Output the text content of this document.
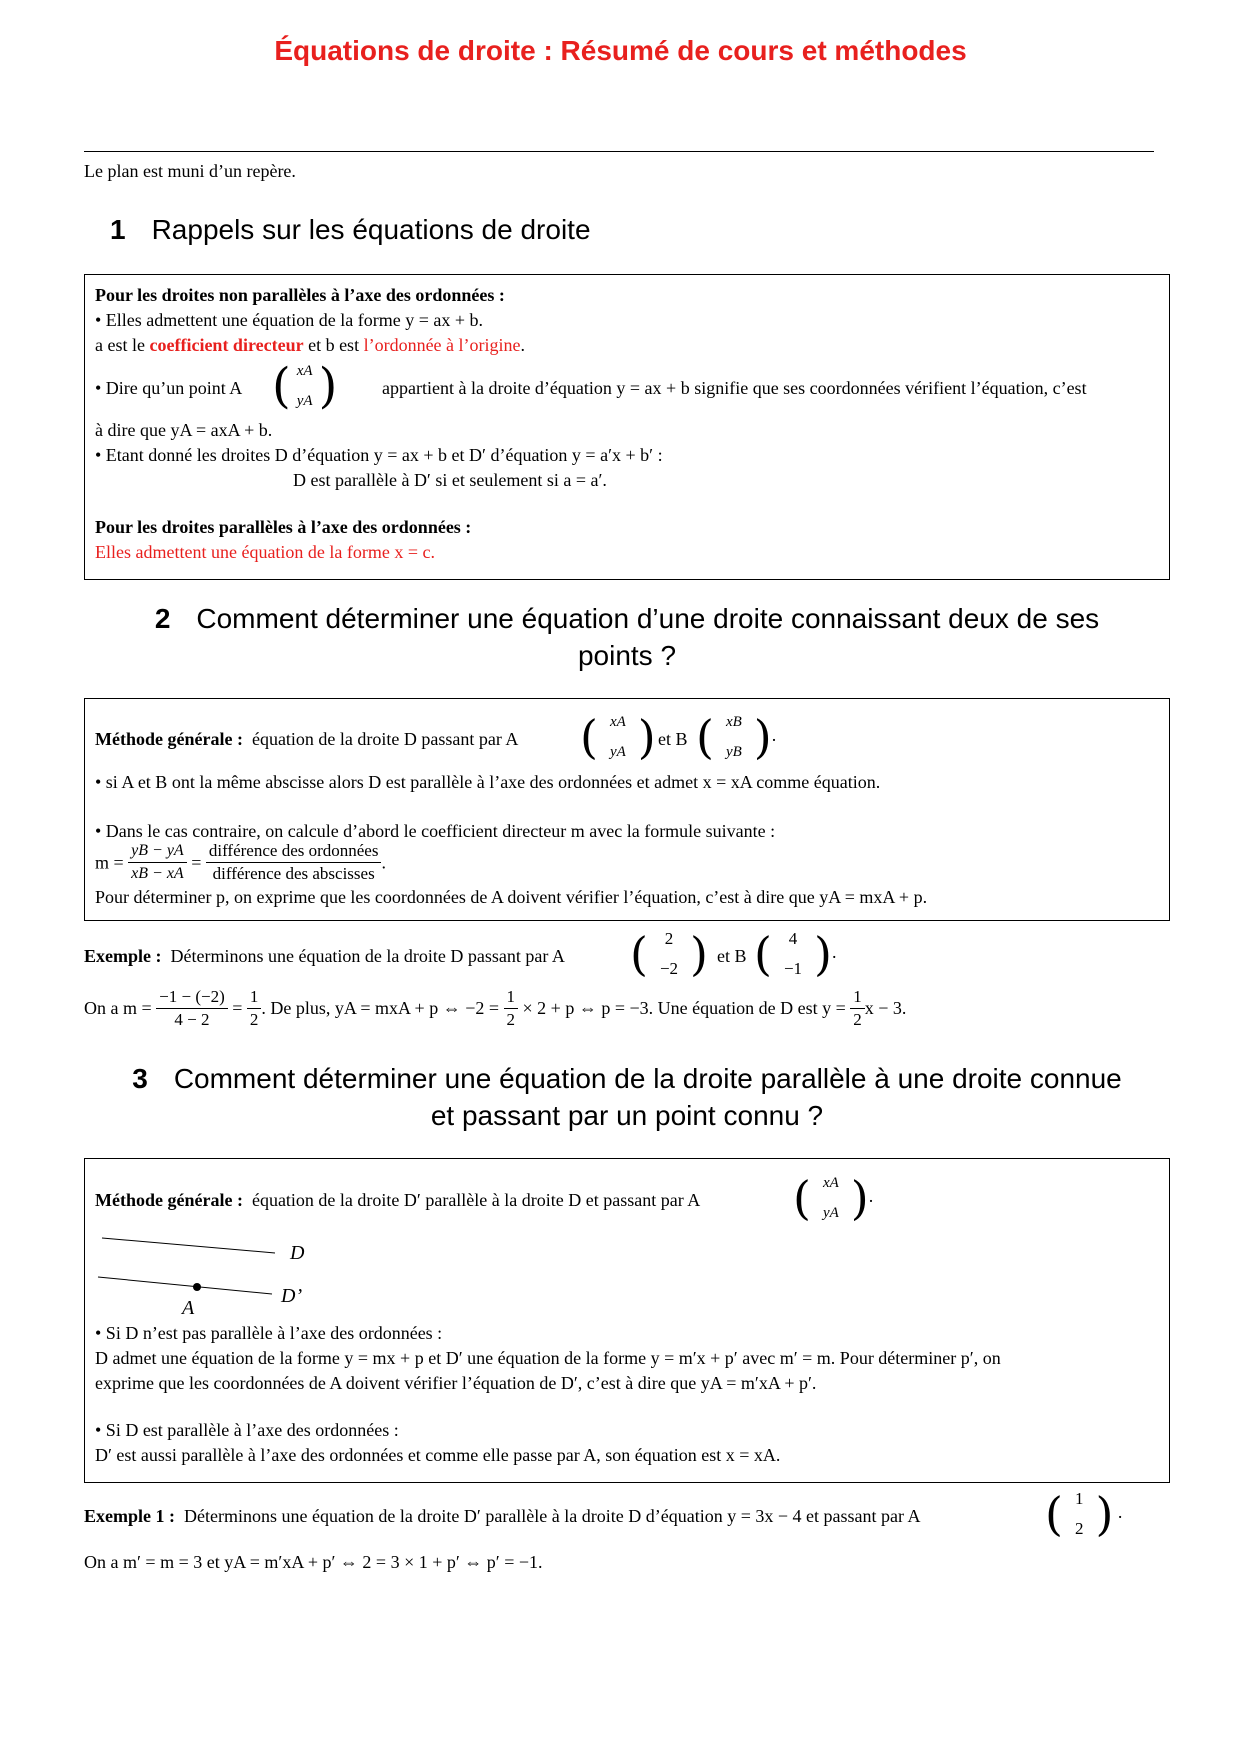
Équations de droite : Résumé de cours et méthodes
Le plan est muni d’un repère.
1 Rappels sur les équations de droite
Pour les droites non parallèles à l’axe des ordonnées :
• Elles admettent une équation de la forme y = ax + b.
a est le coefficient directeur et b est l’ordonnée à l’origine.
• Dire qu’un point A ( xA
yA ) appartient à la droite d’équation y = ax + b signifie que ses coordonnées vérifient l’équation, c’est
à dire que yA = axA + b.
• Etant donné les droites D d’équation y = ax + b et D′ d’équation y = a′x + b′ :
D est parallèle à D′ si et seulement si a = a′.
Pour les droites parallèles à l’axe des ordonnées :
Elles admettent une équation de la forme x = c.
2 Comment déterminer une équation d’une droite connaissant deux de ses
points ?
Méthode générale : équation de la droite D passant par A ( xA
yA ) et B ( xB
yB ).
• si A et B ont la même abscisse alors D est parallèle à l’axe des ordonnées et admet x = xA comme équation.
• Dans le cas contraire, on calcule d’abord le coefficient directeur m avec la formule suivante :
$m = \frac{yB - yA}{xB - xA} = \frac{\text{différence des ordonnées}}{\text{différence des abscisses}}$ .
Pour déterminer p, on exprime que les coordonnées de A doivent vérifier l’équation, c’est à dire que yA = mxA + p.
Exemple : Déterminons une équation de la droite D passant par A ( 2
−2 ) et B ( 4
−1 ).
On a $m = \frac{-1 - (-2)}{4 - 2} = \frac{1}{2}$ . De plus, yA = mxA + p ⇔ $-2 = \frac{1}{2} \times 2 + p$ ⇔ p = −3. Une équation de D est $y = \frac{1}{2}$ x − 3.
3 Comment déterminer une équation de la droite parallèle à une droite connue
et passant par un point connu ?
Méthode générale : équation de la droite D′ parallèle à la droite D et passant par A ( xA
yA ).
D
D’
A
• Si D n’est pas parallèle à l’axe des ordonnées :
D admet une équation de la forme y = mx + p et D′ une équation de la forme y = m′x + p′ avec m′ = m. Pour déterminer p′, on
exprime que les coordonnées de A doivent vérifier l’équation de D′, c’est à dire que yA = m′xA + p′.
• Si D est parallèle à l’axe des ordonnées :
D′ est aussi parallèle à l’axe des ordonnées et comme elle passe par A, son équation est x = xA.
Exemple 1 : Déterminons une équation de la droite D′ parallèle à la droite D d’équation y = 3x − 4 et passant par A	( 1
2 ) .
On a m′ = m = 3 et yA = m′xA + p′ ⇔ 2 = 3 × 1 + p′ ⇔ p′ = −1.
